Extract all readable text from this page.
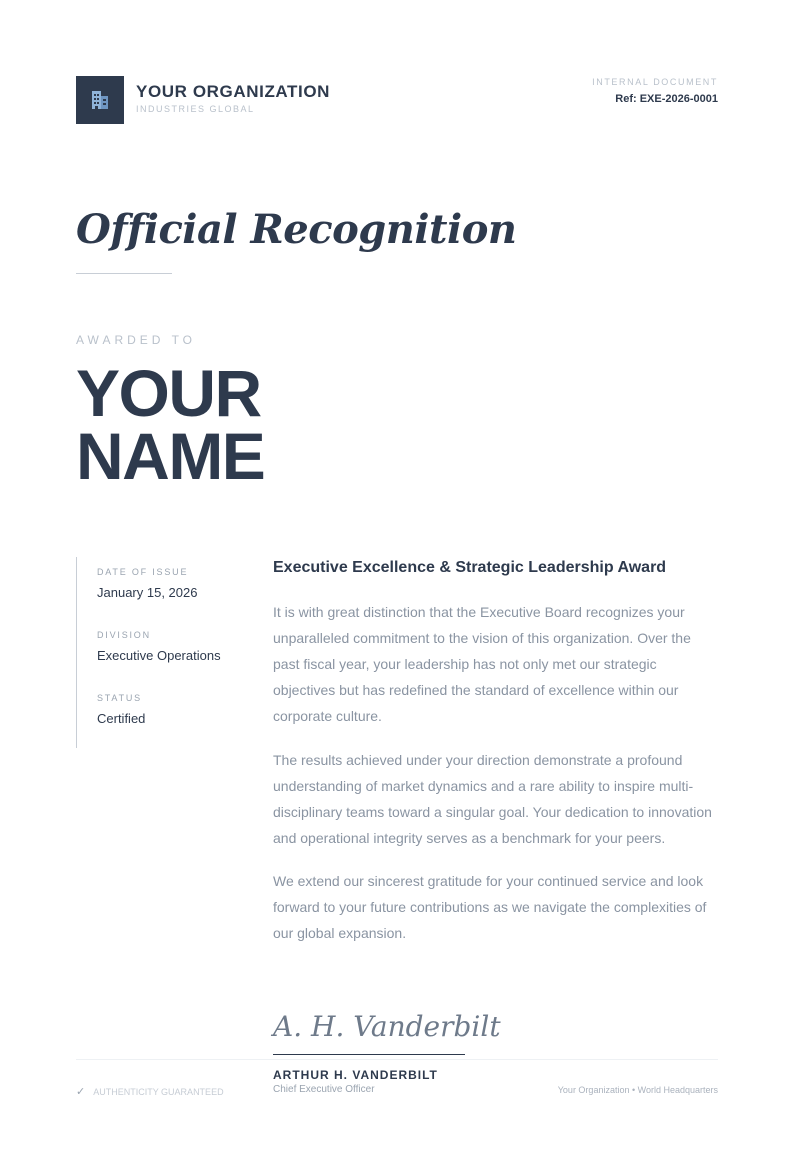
YOUR ORGANIZATION
INDUSTRIES GLOBAL
INTERNAL DOCUMENT
Ref: EXE-2026-0001
Official Recognition
AWARDED TO
YOUR
NAME
DATE OF ISSUE
January 15, 2026
DIVISION
Executive Operations
STATUS
Certified
Executive Excellence & Strategic Leadership Award
It is with great distinction that the Executive Board recognizes your unparalleled commitment to the vision of this organization. Over the past fiscal year, your leadership has not only met our strategic objectives but has redefined the standard of excellence within our corporate culture.
The results achieved under your direction demonstrate a profound understanding of market dynamics and a rare ability to inspire multi-disciplinary teams toward a singular goal. Your dedication to innovation and operational integrity serves as a benchmark for your peers.
We extend our sincerest gratitude for your continued service and look forward to your future contributions as we navigate the complexities of our global expansion.
A. H. Vanderbilt
ARTHUR H. VANDERBILT
Chief Executive Officer
✓ AUTHENTICITY GUARANTEED	Your Organization • World Headquarters
